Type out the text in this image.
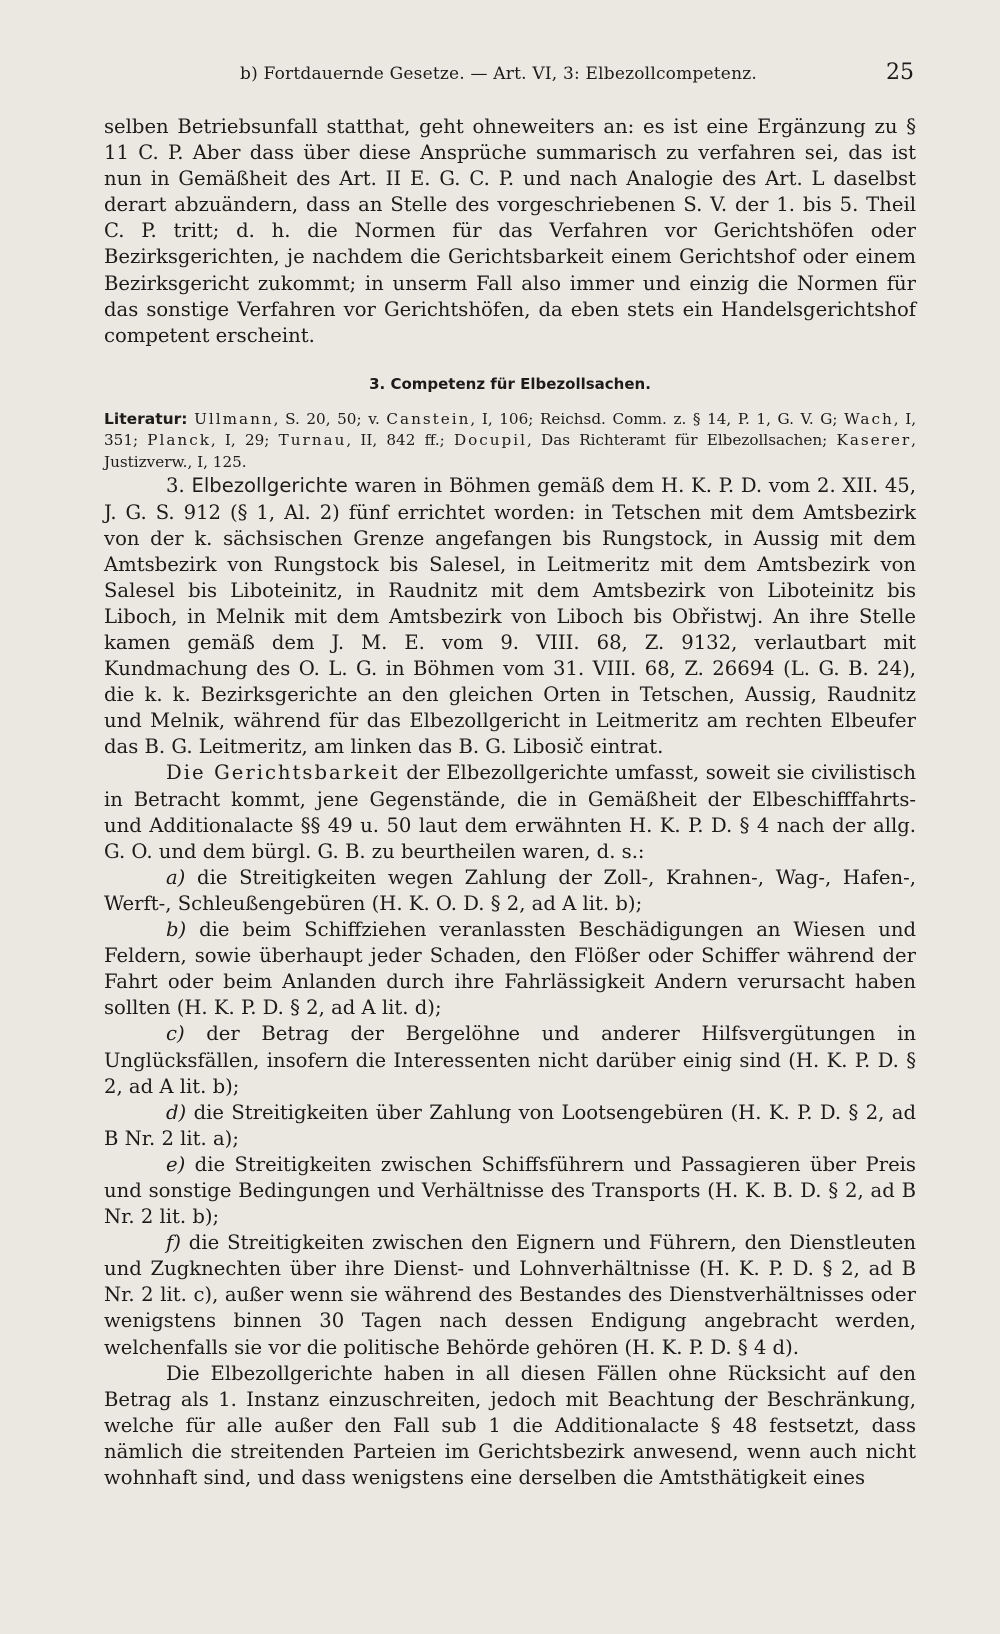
b) Fortdauernde Gesetze. — Art. VI, 3: Elbezollcompetenz.	25

selben Betriebsunfall statthat, geht ohneweiters an: es ist eine Ergänzung zu § 11 C. P. Aber dass über diese Ansprüche summarisch zu verfahren sei, das ist nun in Gemäßheit des Art. II E. G. C. P. und nach Analogie des Art. L daselbst derart abzuändern, dass an Stelle des vorgeschriebenen S. V. der 1. bis 5. Theil C. P. tritt; d. h. die Normen für das Verfahren vor Gerichtshöfen oder Bezirksgerichten, je nachdem die Gerichtsbarkeit einem Gerichtshof oder einem Bezirksgericht zukommt; in unserm Fall also immer und einzig die Normen für das sonstige Verfahren vor Gerichtshöfen, da eben stets ein Handelsgerichtshof competent erscheint.

3. Competenz für Elbezollsachen.

Literatur: Ullmann, S. 20, 50; v. Canstein, I, 106; Reichsd. Comm. z. § 14, P. 1, G. V. G; Wach, I, 351; Planck, I, 29; Turnau, II, 842 ff.; Docupil, Das Richteramt für Elbezollsachen; Kaserer, Justizverw., I, 125.

3. Elbezollgerichte waren in Böhmen gemäß dem H. K. P. D. vom 2. XII. 45, J. G. S. 912 (§ 1, Al. 2) fünf errichtet worden: in Tetschen mit dem Amtsbezirk von der k. sächsischen Grenze angefangen bis Rungstock, in Aussig mit dem Amtsbezirk von Rungstock bis Salesel, in Leitmeritz mit dem Amtsbezirk von Salesel bis Liboteinitz, in Raudnitz mit dem Amtsbezirk von Liboteinitz bis Liboch, in Melnik mit dem Amtsbezirk von Liboch bis Obřistwj. An ihre Stelle kamen gemäß dem J. M. E. vom 9. VIII. 68, Z. 9132, verlautbart mit Kundmachung des O. L. G. in Böhmen vom 31. VIII. 68, Z. 26694 (L. G. B. 24), die k. k. Bezirksgerichte an den gleichen Orten in Tetschen, Aussig, Raudnitz und Melnik, während für das Elbezollgericht in Leitmeritz am rechten Elbeufer das B. G. Leitmeritz, am linken das B. G. Libosič eintrat.

Die Gerichtsbarkeit der Elbezollgerichte umfasst, soweit sie civilistisch in Betracht kommt, jene Gegenstände, die in Gemäßheit der Elbeschifffahrts- und Additionalacte §§ 49 u. 50 laut dem erwähnten H. K. P. D. § 4 nach der allg. G. O. und dem bürgl. G. B. zu beurtheilen waren, d. s.:

a) die Streitigkeiten wegen Zahlung der Zoll-, Krahnen-, Wag-, Hafen-, Werft-, Schleußengebüren (H. K. O. D. § 2, ad A lit. b);

b) die beim Schiffziehen veranlassten Beschädigungen an Wiesen und Feldern, sowie überhaupt jeder Schaden, den Flößer oder Schiffer während der Fahrt oder beim Anlanden durch ihre Fahrlässigkeit Andern verursacht haben sollten (H. K. P. D. § 2, ad A lit. d);

c) der Betrag der Bergelöhne und anderer Hilfsvergütungen in Unglücksfällen, insofern die Interessenten nicht darüber einig sind (H. K. P. D. § 2, ad A lit. b);

d) die Streitigkeiten über Zahlung von Lootsengebüren (H. K. P. D. § 2, ad B Nr. 2 lit. a);

e) die Streitigkeiten zwischen Schiffsführern und Passagieren über Preis und sonstige Bedingungen und Verhältnisse des Transports (H. K. B. D. § 2, ad B Nr. 2 lit. b);

f) die Streitigkeiten zwischen den Eignern und Führern, den Dienstleuten und Zugknechten über ihre Dienst- und Lohnverhältnisse (H. K. P. D. § 2, ad B Nr. 2 lit. c), außer wenn sie während des Bestandes des Dienstverhältnisses oder wenigstens binnen 30 Tagen nach dessen Endigung angebracht werden, welchenfalls sie vor die politische Behörde gehören (H. K. P. D. § 4 d).

Die Elbezollgerichte haben in all diesen Fällen ohne Rücksicht auf den Betrag als 1. Instanz einzuschreiten, jedoch mit Beachtung der Beschränkung, welche für alle außer den Fall sub 1 die Additionalacte § 48 festsetzt, dass nämlich die streitenden Parteien im Gerichtsbezirk anwesend, wenn auch nicht wohnhaft sind, und dass wenigstens eine derselben die Amtsthätigkeit eines
